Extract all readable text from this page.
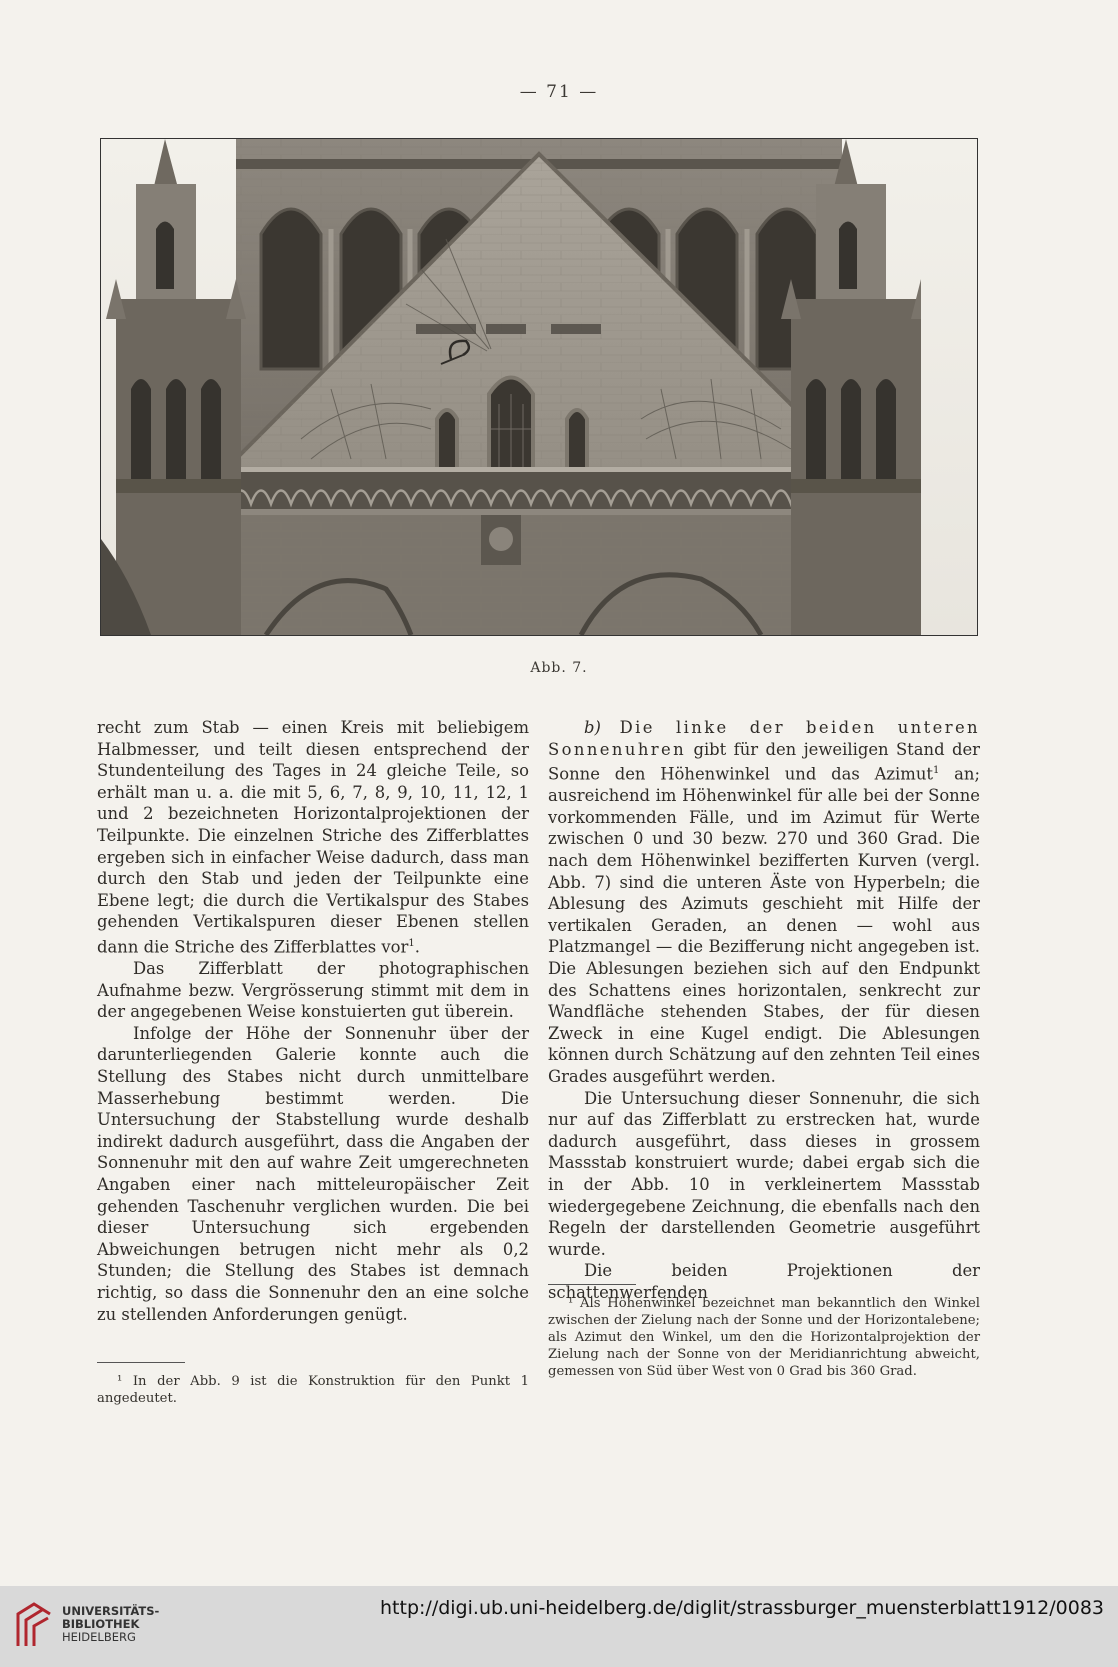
— 71 —
Abb. 7.

recht zum Stab — einen Kreis mit beliebigem Halbmesser, und teilt diesen entsprechend der Stundenteilung des Tages in 24 gleiche Teile, so erhält man u. a. die mit 5, 6, 7, 8, 9, 10, 11, 12, 1 und 2 bezeichneten Horizontalprojektionen der Teilpunkte. Die einzelnen Striche des Zifferblattes ergeben sich in einfacher Weise dadurch, dass man durch den Stab und jeden der Teilpunkte eine Ebene legt; die durch die Vertikalspur des Stabes gehenden Vertikalspuren dieser Ebenen stellen dann die Striche des Zifferblattes vor$^1$.

Das Zifferblatt der photographischen Aufnahme bezw. Vergrösserung stimmt mit dem in der angegebenen Weise konstuierten gut überein.

Infolge der Höhe der Sonnenuhr über der darunterliegenden Galerie konnte auch die Stellung des Stabes nicht durch unmittelbare Masserhebung bestimmt werden. Die Untersuchung der Stabstellung wurde deshalb indirekt dadurch ausgeführt, dass die Angaben der Sonnenuhr mit den auf wahre Zeit umgerechneten Angaben einer nach mitteleuropäischer Zeit gehenden Taschenuhr verglichen wurden. Die bei dieser Untersuchung sich ergebenden Abweichungen betrugen nicht mehr als 0,2 Stunden; die Stellung des Stabes ist demnach richtig, so dass die Sonnenuhr den an eine solche zu stellenden Anforderungen genügt.

¹ In der Abb. 9 ist die Konstruktion für den Punkt 1 angedeutet.

b) Die linke der beiden unteren Sonnenuhren gibt für den jeweiligen Stand der Sonne den Höhenwinkel und das Azimut$^1$ an; ausreichend im Höhenwinkel für alle bei der Sonne vorkommenden Fälle, und im Azimut für Werte zwischen 0 und 30 bezw. 270 und 360 Grad. Die nach dem Höhenwinkel bezifferten Kurven (vergl. Abb. 7) sind die unteren Äste von Hyperbeln; die Ablesung des Azimuts geschieht mit Hilfe der vertikalen Geraden, an denen — wohl aus Platzmangel — die Bezifferung nicht angegeben ist. Die Ablesungen beziehen sich auf den Endpunkt des Schattens eines horizontalen, senkrecht zur Wandfläche stehenden Stabes, der für diesen Zweck in eine Kugel endigt. Die Ablesungen können durch Schätzung auf den zehnten Teil eines Grades ausgeführt werden.

Die Untersuchung dieser Sonnenuhr, die sich nur auf das Zifferblatt zu erstrecken hat, wurde dadurch ausgeführt, dass dieses in grossem Massstab konstruiert wurde; dabei ergab sich die in der Abb. 10 in verkleinertem Massstab wiedergegebene Zeichnung, die ebenfalls nach den Regeln der darstellenden Geometrie ausgeführt wurde.

Die beiden Projektionen der schattenwerfenden

¹ Als Höhenwinkel bezeichnet man bekanntlich den Winkel zwischen der Zielung nach der Sonne und der Horizontalebene; als Azimut den Winkel, um den die Horizontalprojektion der Zielung nach der Sonne von der Meridianrichtung abweicht, gemessen von Süd über West von 0 Grad bis 360 Grad.

UNIVERSITÄTS-
BIBLIOTHEK
HEIDELBERG
http://digi.ub.uni-heidelberg.de/diglit/strassburger_muensterblatt1912/0083
